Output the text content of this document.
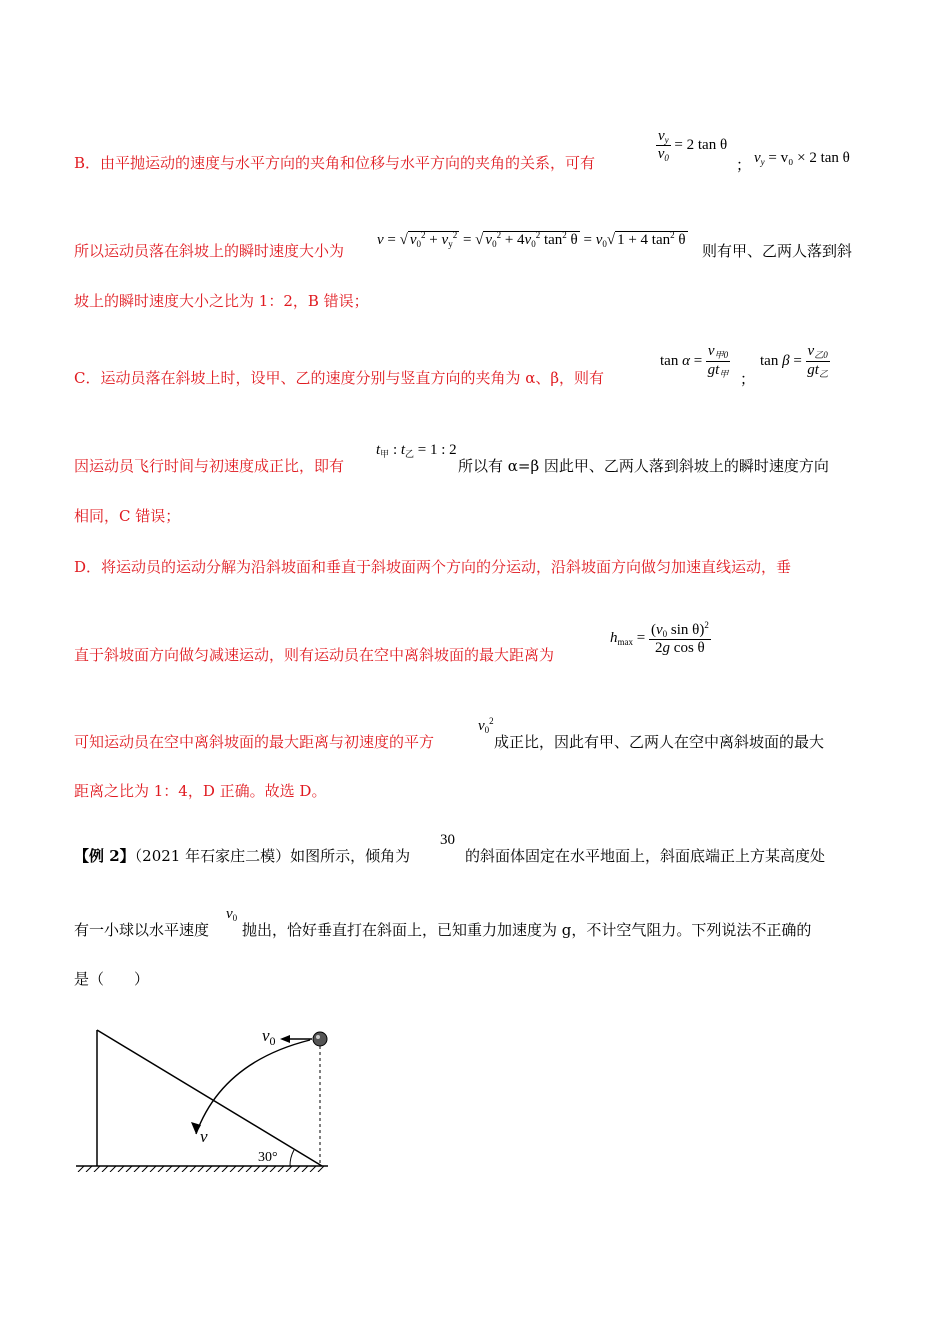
B．由平抛运动的速度与水平方向的夹角和位移与水平方向的夹角的关系，可有	$\frac{v_y}{v_0} = 2$ tan θ
； $v_y = v_0 \times 2$ tan θ
所以运动员落在斜坡上的瞬时速度大小为
v = √ $v_0^2 + v_y^2$ = √ $v_0^2 + 4v_0^2$ $\tan^2 \theta = v_0√$ 1 + 4 $\tan^2 \theta$
则有甲、乙两人落到斜
坡上的瞬时速度大小之比为 1：2，B 错误；
C．运动员落在斜坡上时，设甲、乙的速度分别与竖直方向的夹角为 α、β，则有
$\tan \alpha = \frac{v_{甲0}}{gt_甲}$ ；
$\tan \beta = \frac{v_{乙0}}{gt_乙}$
因运动员飞行时间与初速度成正比，即有
$t_甲$ : $t_乙 = 1$ : 2
所以有 α=β 因此甲、乙两人落到斜坡上的瞬时速度方向
相同，C 错误；
D．将运动员的运动分解为沿斜坡面和垂直于斜坡面两个方向的分运动，沿斜坡面方向做匀加速直线运动，垂
直于斜坡面方向做匀减速运动，则有运动员在空中离斜坡面的最大距离为
$h_{max} = \frac{(v_0 \sin \theta)^2}{\text{2g cos θ}}$
可知运动员在空中离斜坡面的最大距离与初速度的平方
$v_0^2$
成正比，因此有甲、乙两人在空中离斜坡面的最大
距离之比为 1：4，D 正确。故选 D。
【例 2】（2021 年石家庄二模）如图所示，倾角为
30
的斜面体固定在水平地面上，斜面底端正上方某高度处
有一小球以水平速度
$v_0$
抛出，恰好垂直打在斜面上，已知重力加速度为 g，不计空气阻力。下列说法不正确的
是（　　）
$v_0$
v
30°
